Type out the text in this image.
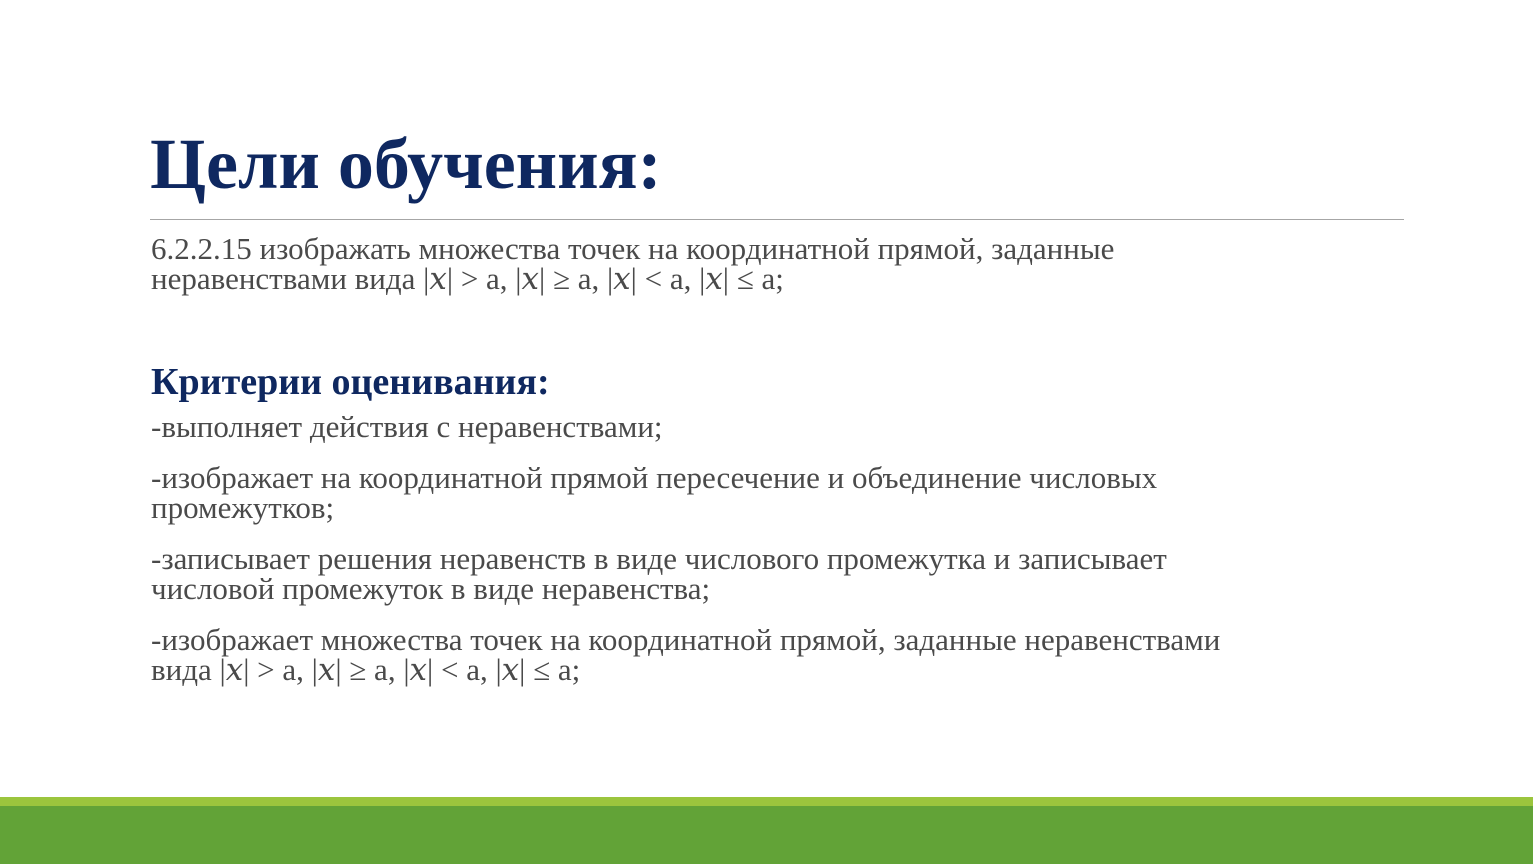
Цели обучения:

6.2.2.15 изображать множества точек на координатной прямой, заданные
неравенствами вида |𝑥| > а, |𝑥| ≥ а, |𝑥| < а, |𝑥| ≤ а;

Критерии оценивания:
-выполняет действия с неравенствами;
-изображает на координатной прямой пересечение и объединение числовых
промежутков;
-записывает решения неравенств в виде числового промежутка и записывает
числовой промежуток в виде неравенства;
-изображает множества точек на координатной прямой, заданные неравенствами
вида |𝑥| > а, |𝑥| ≥ а, |𝑥| < а, |𝑥| ≤ а;
